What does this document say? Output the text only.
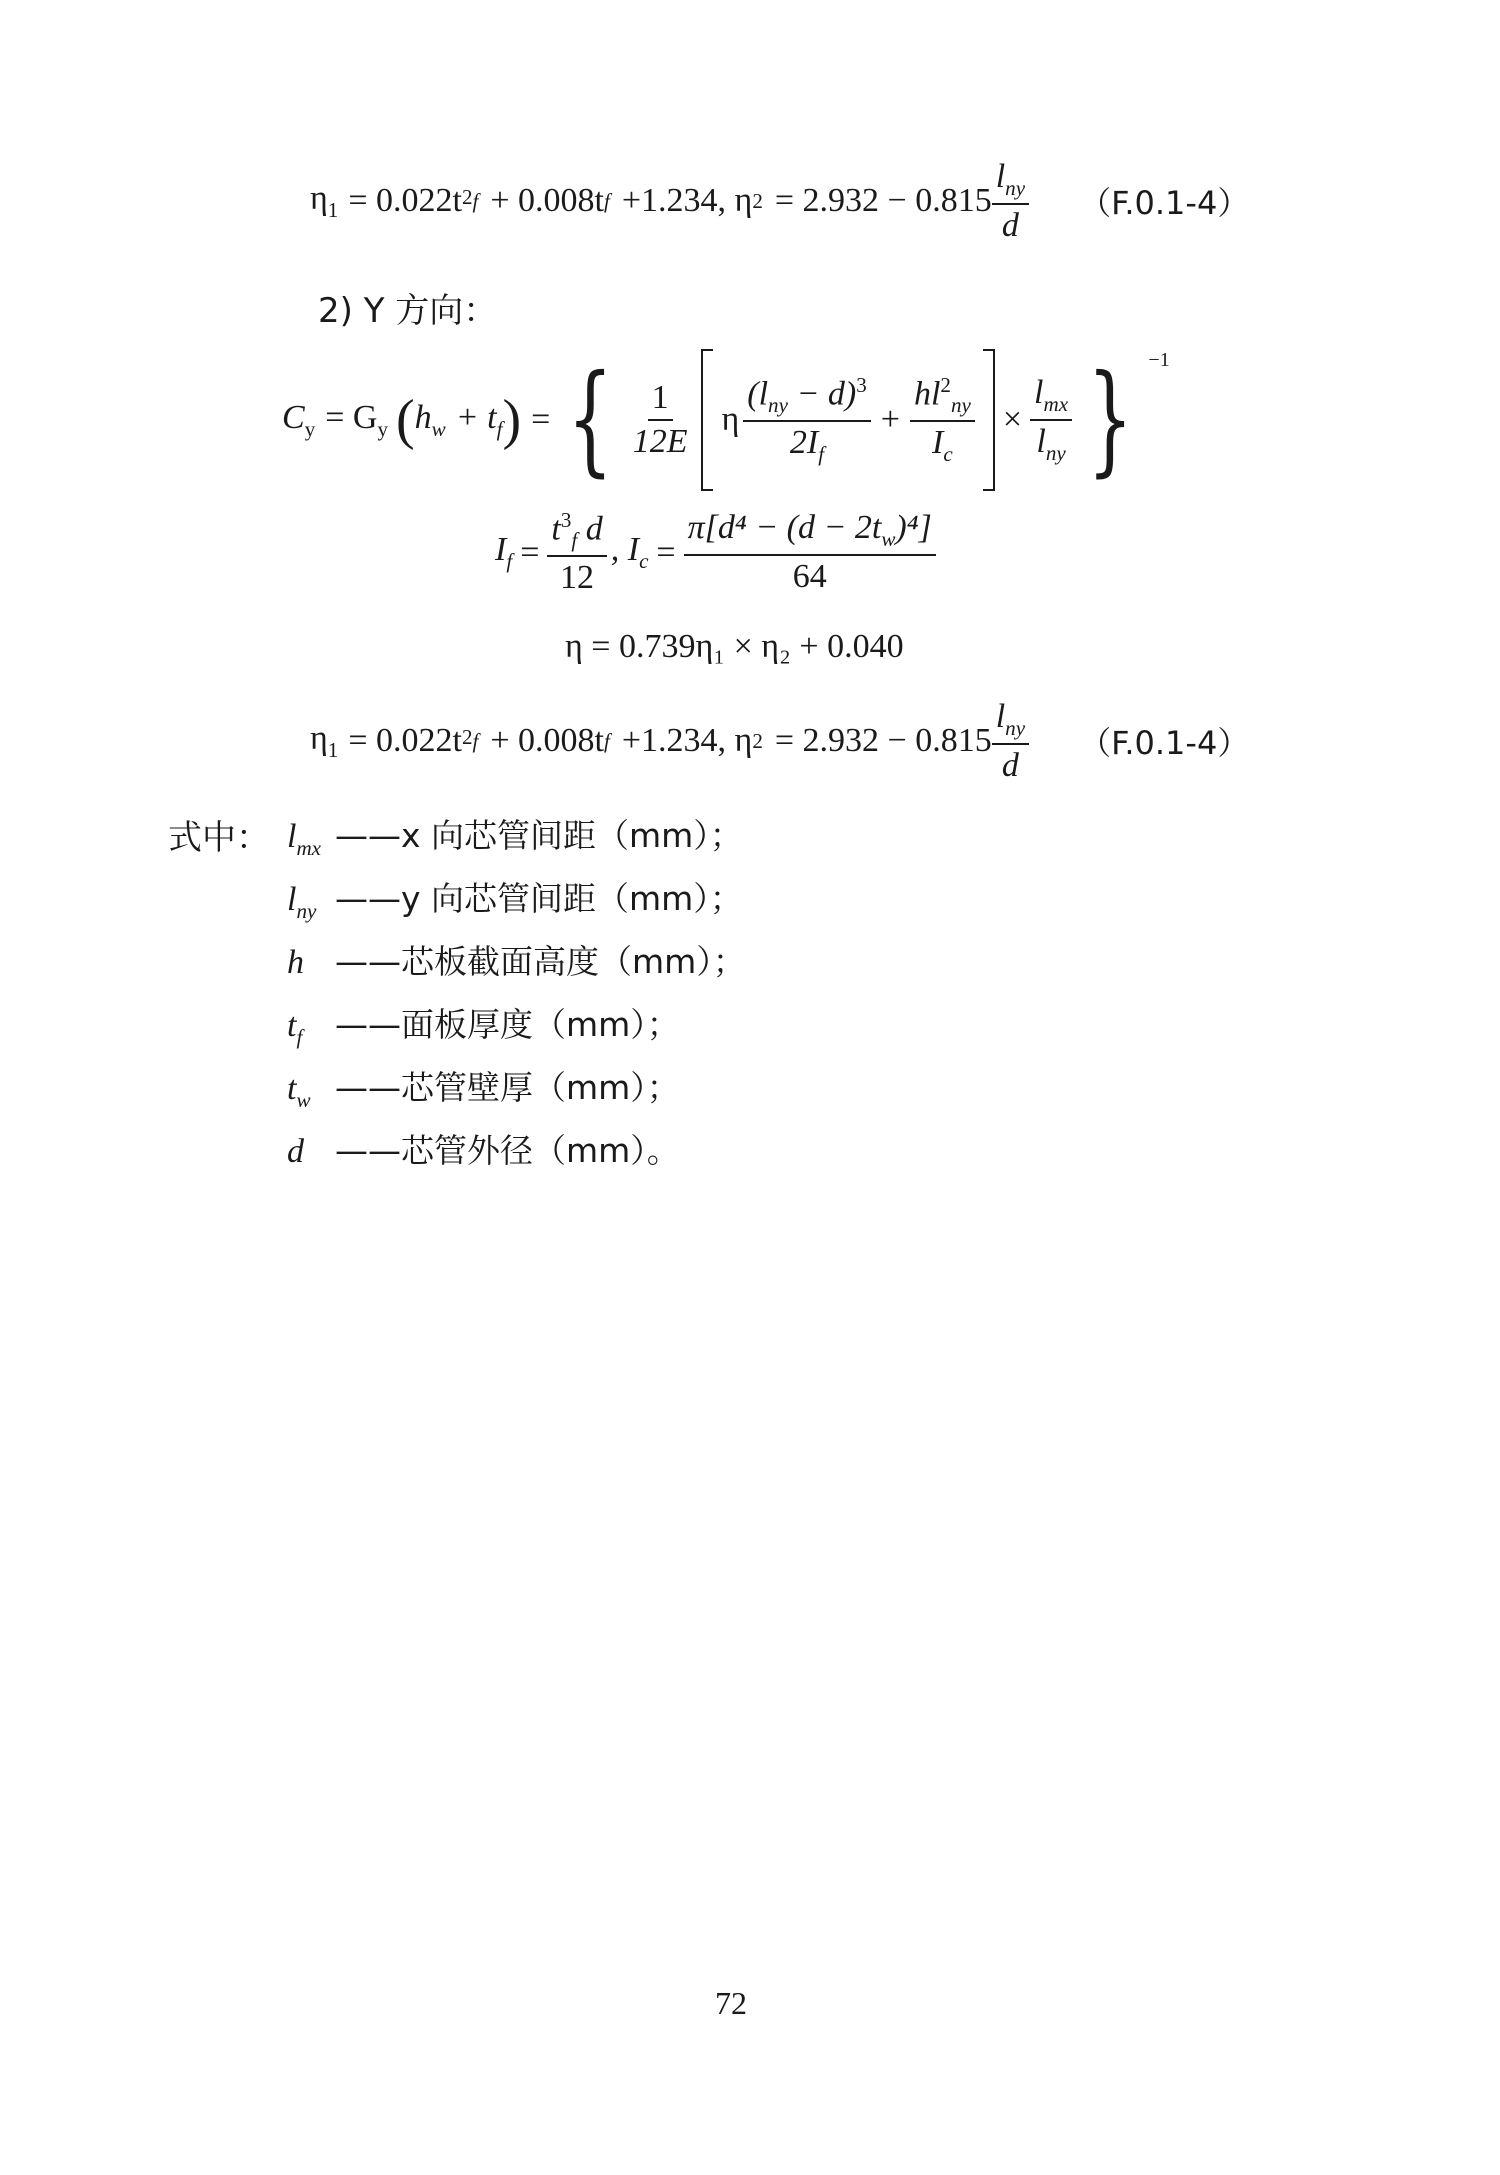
$\eta_1 = 0.022t^2$ f + 0.008t f +1.234, η $2 = 2.932 - 0.815 \frac{l_{ny}}{d} (F.0.1-4)$
2) Y 方向：
$C_y = G_y$ ( $h_w + t_f$ ) = { $\frac{1}{12E}$ η $\frac{(l_{ny} - d)^3}{2I_f} + \frac{hl^2_{ny}}{I_c} \times \frac{l_{mx}}{l_{ny}}$ } −1
$I_f = \frac{t^3_f d}{12}$ , $I_c = \frac{\pi[d^4 - (d - 2t_w)^4]}{64}$
η = 0.739η₁ × η₂ + 0.040
$\eta_1 = 0.022t^2$ f + 0.008t f +1.234, η $2 = 2.932 - 0.815 \frac{l_{ny}}{d} (F.0.1-4)$
式中： $l_{mx}$ ——x 向芯管间距（mm）；
$l_{ny}$ ——y 向芯管间距（mm）；
h ——芯板截面高度（mm）；
$t_f$ ——面板厚度（mm）；
$t_w$ ——芯管壁厚（mm）；
d ——芯管外径（mm）。
72
